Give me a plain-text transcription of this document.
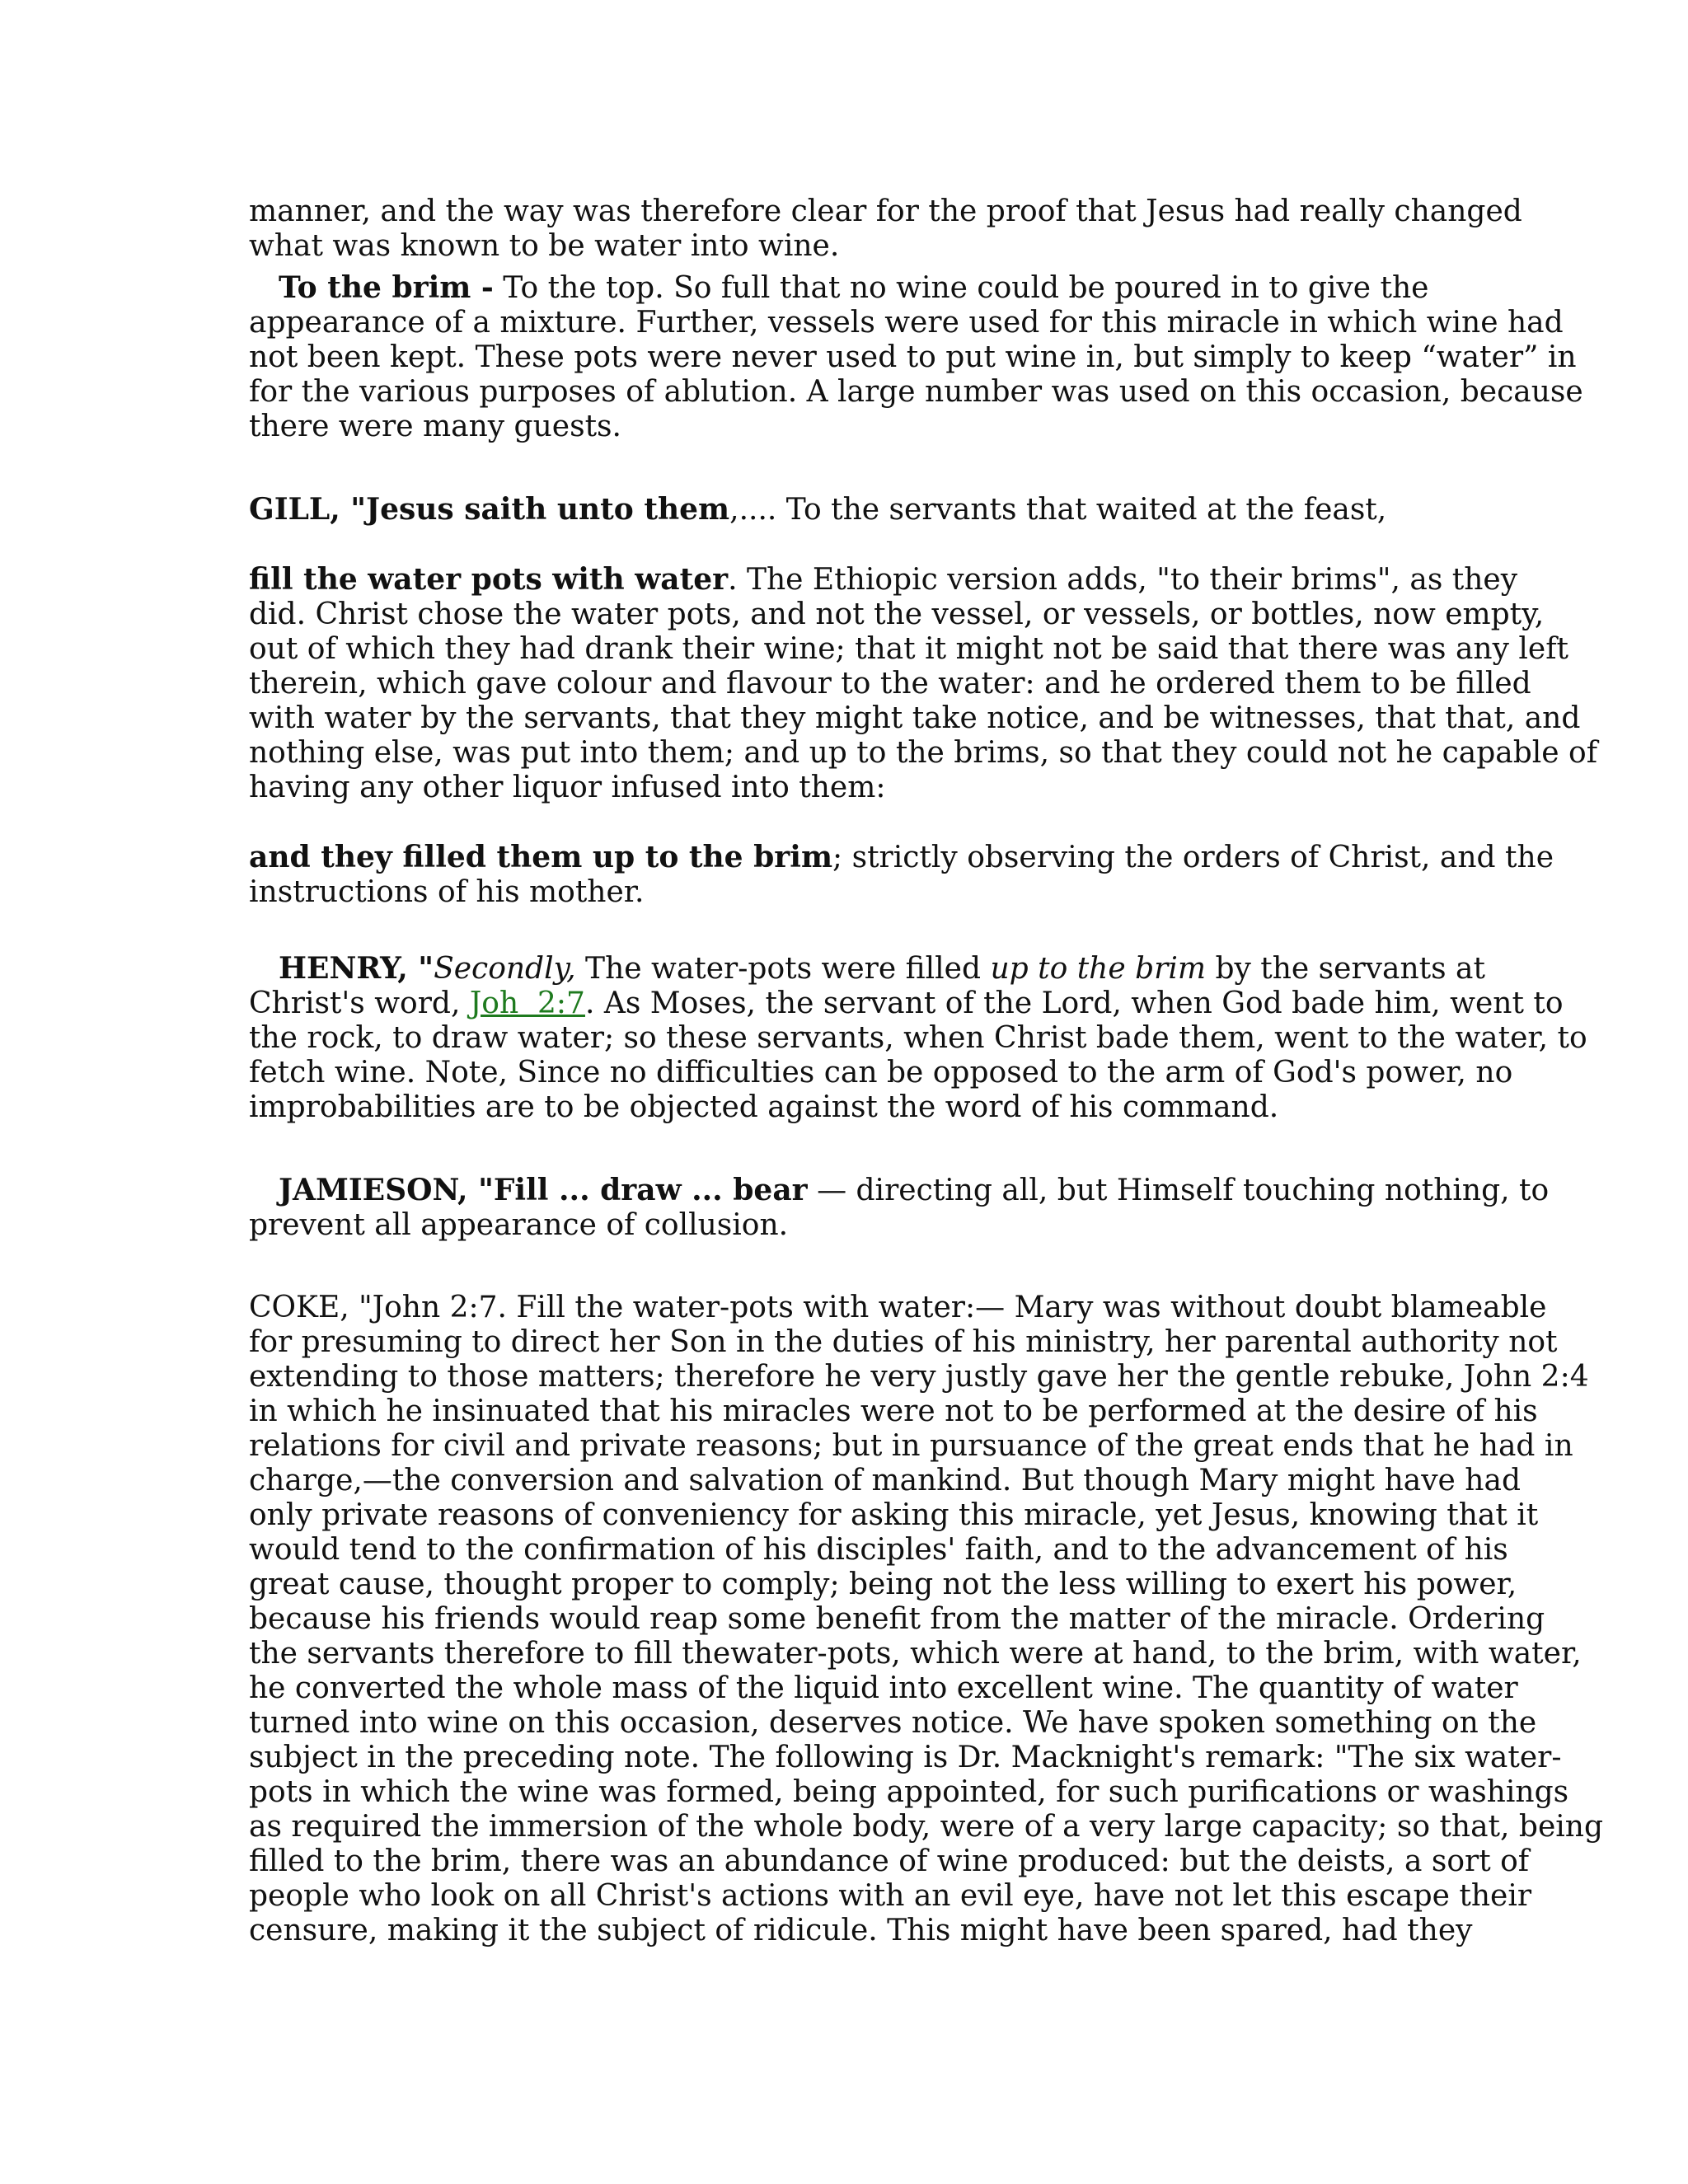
manner, and the way was therefore clear for the proof that Jesus had really changed
what was known to be water into wine.
To the brim - To the top. So full that no wine could be poured in to give the
appearance of a mixture. Further, vessels were used for this miracle in which wine had
not been kept. These pots were never used to put wine in, but simply to keep “water” in
for the various purposes of ablution. A large number was used on this occasion, because
there were many guests.
GILL, "Jesus saith unto them,.... To the servants that waited at the feast,
fill the water pots with water. The Ethiopic version adds, "to their brims", as they
did. Christ chose the water pots, and not the vessel, or vessels, or bottles, now empty,
out of which they had drank their wine; that it might not be said that there was any left
therein, which gave colour and flavour to the water: and he ordered them to be filled
with water by the servants, that they might take notice, and be witnesses, that that, and
nothing else, was put into them; and up to the brims, so that they could not he capable of
having any other liquor infused into them:
and they filled them up to the brim; strictly observing the orders of Christ, and the
instructions of his mother.
HENRY, "Secondly, The water-pots were filled up to the brim by the servants at
Christ's word, Joh  2:7. As Moses, the servant of the Lord, when God bade him, went to
the rock, to draw water; so these servants, when Christ bade them, went to the water, to
fetch wine. Note, Since no difficulties can be opposed to the arm of God's power, no
improbabilities are to be objected against the word of his command.
JAMIESON, "Fill ... draw ... bear — directing all, but Himself touching nothing, to
prevent all appearance of collusion.
COKE, "John 2:7. Fill the water-pots with water:— Mary was without doubt blameable
for presuming to direct her Son in the duties of his ministry, her parental authority not
extending to those matters; therefore he very justly gave her the gentle rebuke, John 2:4
in which he insinuated that his miracles were not to be performed at the desire of his
relations for civil and private reasons; but in pursuance of the great ends that he had in
charge,—the conversion and salvation of mankind. But though Mary might have had
only private reasons of conveniency for asking this miracle, yet Jesus, knowing that it
would tend to the confirmation of his disciples' faith, and to the advancement of his
great cause, thought proper to comply; being not the less willing to exert his power,
because his friends would reap some benefit from the matter of the miracle. Ordering
the servants therefore to fill thewater-pots, which were at hand, to the brim, with water,
he converted the whole mass of the liquid into excellent wine. The quantity of water
turned into wine on this occasion, deserves notice. We have spoken something on the
subject in the preceding note. The following is Dr. Macknight's remark: "The six water-
pots in which the wine was formed, being appointed, for such purifications or washings
as required the immersion of the whole body, were of a very large capacity; so that, being
filled to the brim, there was an abundance of wine produced: but the deists, a sort of
people who look on all Christ's actions with an evil eye, have not let this escape their
censure, making it the subject of ridicule. This might have been spared, had they
